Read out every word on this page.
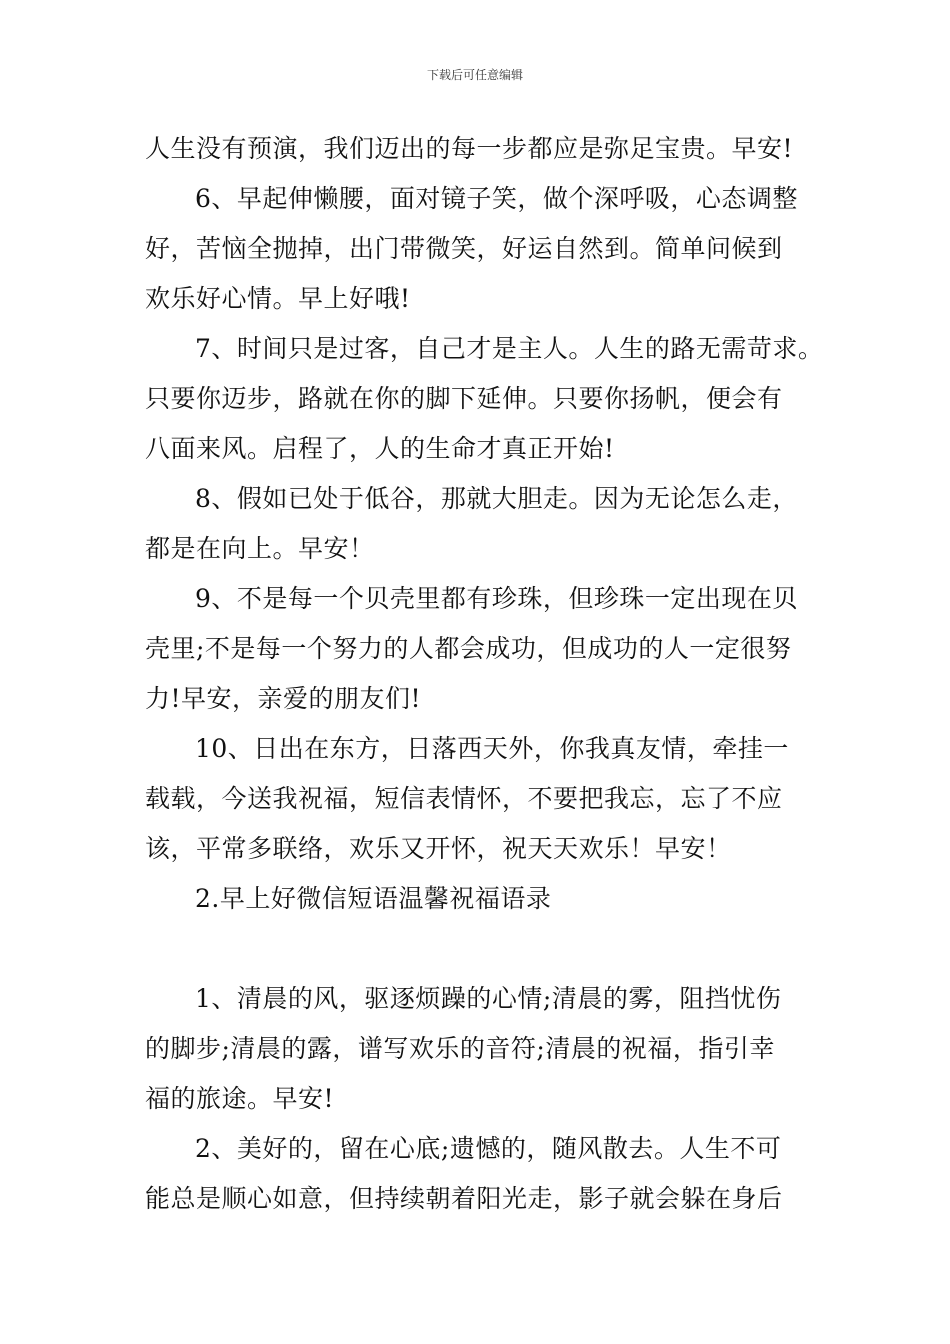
下载后可任意编辑
人生没有预演，我们迈出的每一步都应是弥足宝贵。早安!
6、早起伸懒腰，面对镜子笑，做个深呼吸，心态调整
好，苦恼全抛掉，出门带微笑，好运自然到。简单问候到
欢乐好心情。早上好哦!
7、时间只是过客，自己才是主人。人生的路无需苛求。
只要你迈步，路就在你的脚下延伸。只要你扬帆，便会有
八面来风。启程了，人的生命才真正开始!
8、假如已处于低谷，那就大胆走。因为无论怎么走，
都是在向上。早安！
9、不是每一个贝壳里都有珍珠，但珍珠一定出现在贝
壳里;不是每一个努力的人都会成功，但成功的人一定很努
力!早安，亲爱的朋友们!
10、日出在东方，日落西天外，你我真友情，牵挂一
载载，今送我祝福，短信表情怀，不要把我忘，忘了不应
该，平常多联络，欢乐又开怀，祝天天欢乐！早安！
2.早上好微信短语温馨祝福语录
1、清晨的风，驱逐烦躁的心情;清晨的雾，阻挡忧伤
的脚步;清晨的露，谱写欢乐的音符;清晨的祝福，指引幸
福的旅途。早安!
2、美好的，留在心底;遗憾的，随风散去。人生不可
能总是顺心如意，但持续朝着阳光走，影子就会躲在身后
